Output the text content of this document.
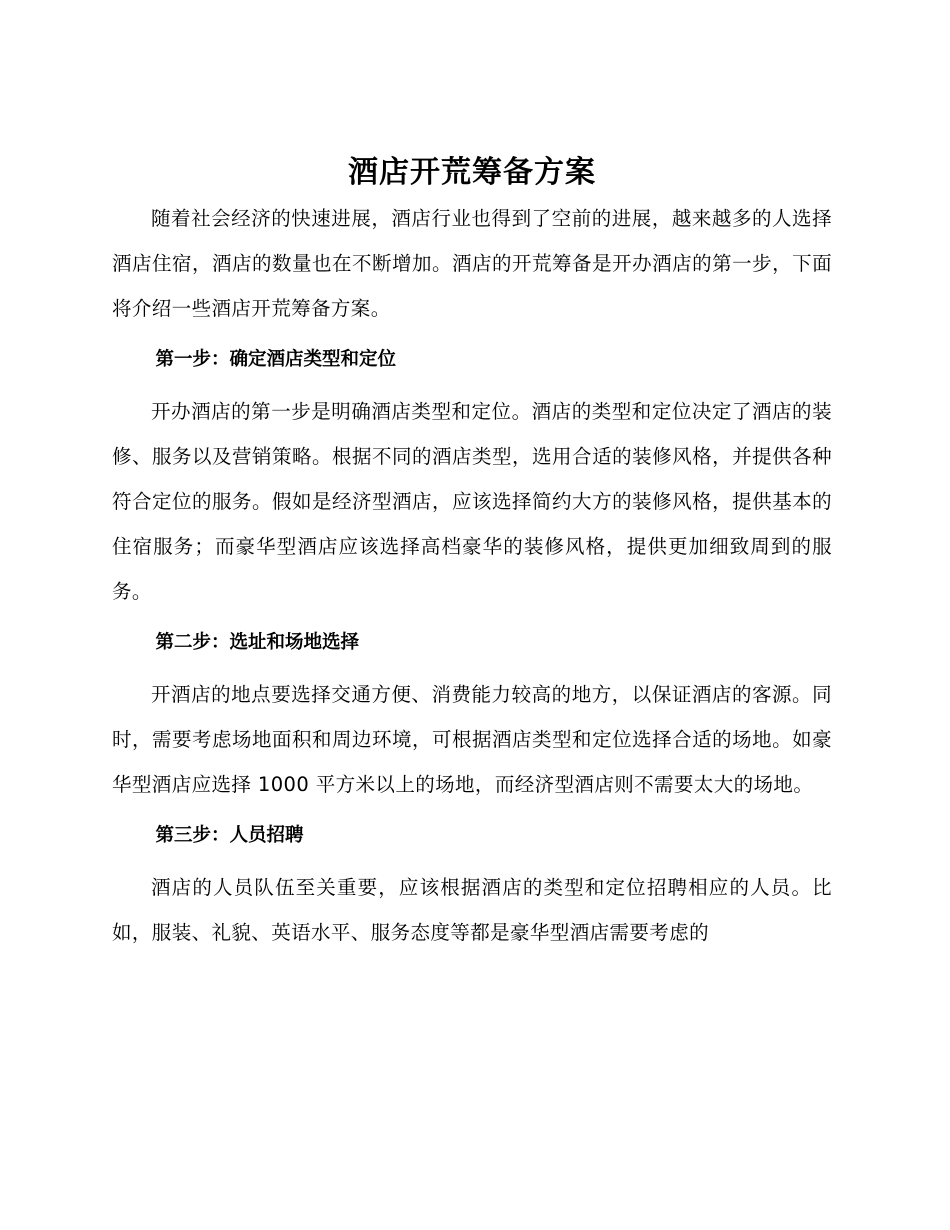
酒店开荒筹备方案

随着社会经济的快速进展，酒店行业也得到了空前的进展，越来越多的人选择酒店住宿，酒店的数量也在不断增加。酒店的开荒筹备是开办酒店的第一步，下面将介绍一些酒店开荒筹备方案。

第一步：确定酒店类型和定位

开办酒店的第一步是明确酒店类型和定位。酒店的类型和定位决定了酒店的装修、服务以及营销策略。根据不同的酒店类型，选用合适的装修风格，并提供各种符合定位的服务。假如是经济型酒店，应该选择简约大方的装修风格，提供基本的住宿服务；而豪华型酒店应该选择高档豪华的装修风格，提供更加细致周到的服务。

第二步：选址和场地选择

开酒店的地点要选择交通方便、消费能力较高的地方，以保证酒店的客源。同时，需要考虑场地面积和周边环境，可根据酒店类型和定位选择合适的场地。如豪华型酒店应选择 1000 平方米以上的场地，而经济型酒店则不需要太大的场地。

第三步：人员招聘

酒店的人员队伍至关重要，应该根据酒店的类型和定位招聘相应的人员。比如，服装、礼貌、英语水平、服务态度等都是豪华型酒店需要考虑的
